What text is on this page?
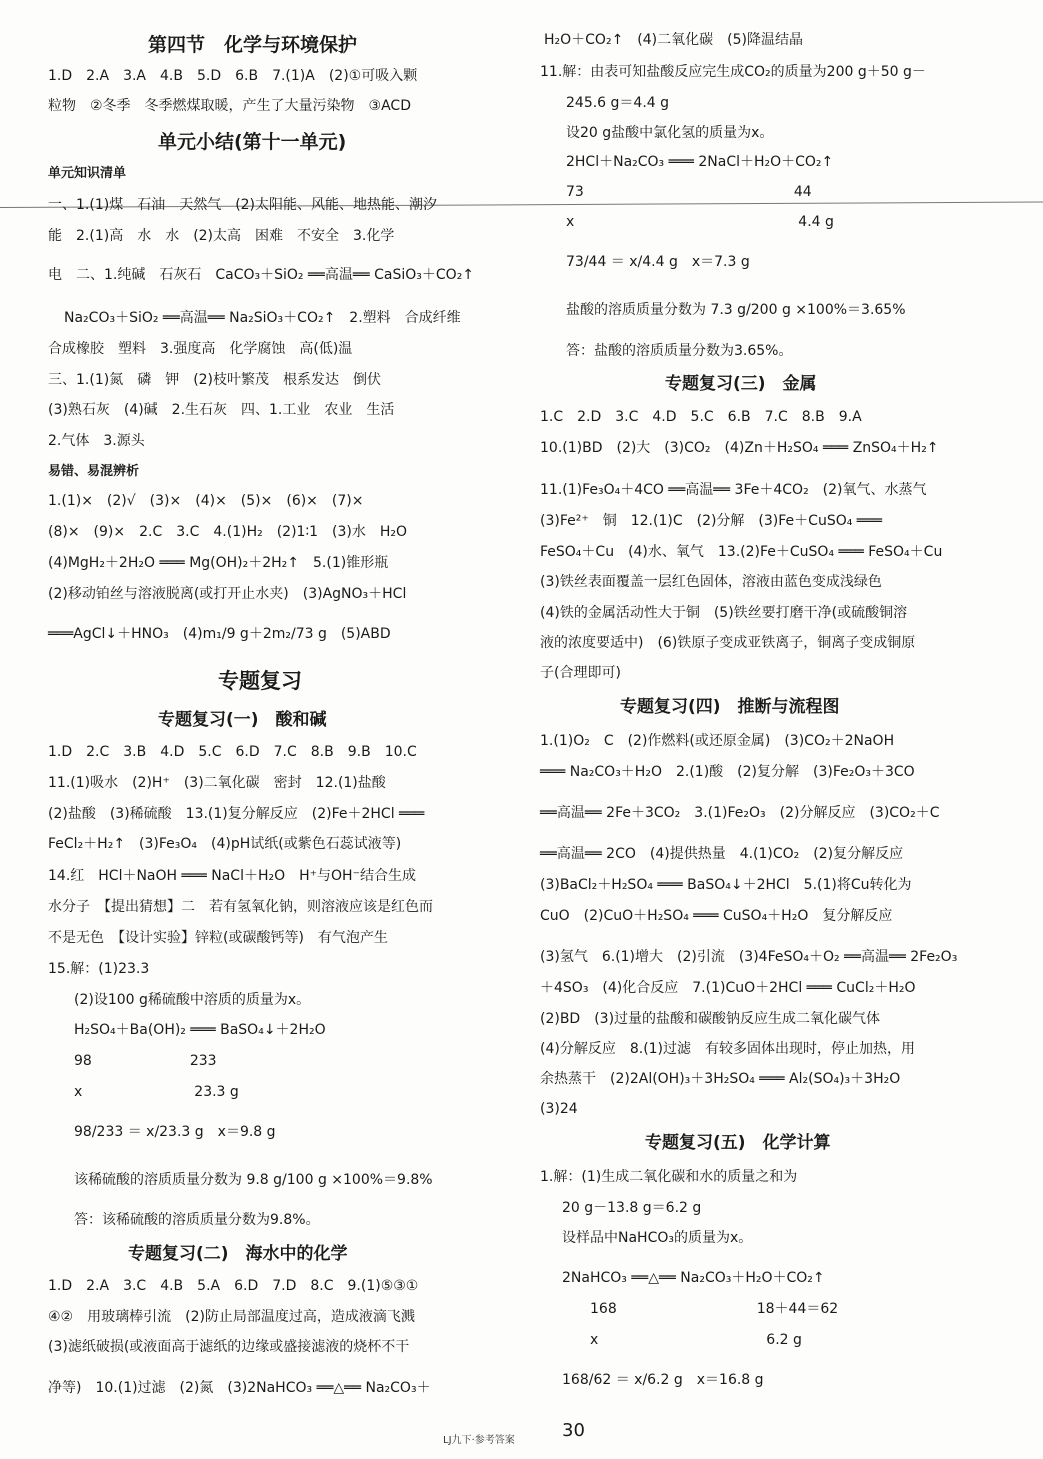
第四节　化学与环境保护
1.D　2.A　3.A　4.B　5.D　6.B　7.(1)A　(2)①可吸入颗
粒物　②冬季　冬季燃煤取暖，产生了大量污染物　③ACD
单元小结(第十一单元)
单元知识清单
一、1.(1)煤　石油　天然气　(2)太阳能、风能、地热能、潮汐
能　2.(1)高　水　水　(2)太高　困难　不安全　3.化学
电　二、1.纯碱　石灰石　CaCO₃＋SiO₂ ══高温══ CaSiO₃＋CO₂↑
Na₂CO₃＋SiO₂ ══高温══ Na₂SiO₃＋CO₂↑　2.塑料　合成纤维
合成橡胶　塑料　3.强度高　化学腐蚀　高(低)温
三、1.(1)氮　磷　钾　(2)枝叶繁茂　根系发达　倒伏
(3)熟石灰　(4)碱　2.生石灰　四、1.工业　农业　生活
2.气体　3.源头
易错、易混辨析
1.(1)×　(2)√　(3)×　(4)×　(5)×　(6)×　(7)×
(8)×　(9)×　2.C　3.C　4.(1)H₂　(2)1∶1　(3)水　H₂O
(4)MgH₂＋2H₂O ═══ Mg(OH)₂＋2H₂↑　5.(1)锥形瓶
(2)移动铂丝与溶液脱离(或打开止水夹)　(3)AgNO₃＋HCl
═══AgCl↓＋HNO₃　(4)m₁/9 g＋2m₂/73 g　(5)ABD
专题复习
专题复习(一)　酸和碱
1.D　2.C　3.B　4.D　5.C　6.D　7.C　8.B　9.B　10.C
11.(1)吸水　(2)H⁺　(3)二氧化碳　密封　12.(1)盐酸
(2)盐酸　(3)稀硫酸　13.(1)复分解反应　(2)Fe＋2HCl ═══
FeCl₂＋H₂↑　(3)Fe₃O₄　(4)pH试纸(或紫色石蕊试液等)
14.红　HCl＋NaOH ═══ NaCl＋H₂O　H⁺与OH⁻结合生成
水分子　【提出猜想】二　若有氢氧化钠，则溶液应该是红色而
不是无色　【设计实验】锌粒(或碳酸钙等)　有气泡产生
15.解：(1)23.3
(2)设100 g稀硫酸中溶质的质量为x。
H₂SO₄＋Ba(OH)₂ ═══ BaSO₄↓＋2H₂O
98　　　　　　　233
x　　　　　　　　23.3 g
98/233 ＝ x/23.3 g　x＝9.8 g
该稀硫酸的溶质质量分数为 9.8 g/100 g ×100%＝9.8%
答：该稀硫酸的溶质质量分数为9.8%。
专题复习(二)　海水中的化学
1.D　2.A　3.C　4.B　5.A　6.D　7.D　8.C　9.(1)⑤③①
④②　用玻璃棒引流　(2)防止局部温度过高，造成液滴飞溅
(3)滤纸破损(或液面高于滤纸的边缘或盛接滤液的烧杯不干
净等)　10.(1)过滤　(2)氮　(3)2NaHCO₃ ══△══ Na₂CO₃＋
H₂O＋CO₂↑　(4)二氧化碳　(5)降温结晶
11.解：由表可知盐酸反应完生成CO₂的质量为200 g＋50 g－
245.6 g＝4.4 g
设20 g盐酸中氯化氢的质量为x。
2HCl＋Na₂CO₃ ═══ 2NaCl＋H₂O＋CO₂↑
73　　　　　　　　　　　　　　　44
x　　　　　　　　　　　　　　　　4.4 g
73/44 ＝ x/4.4 g　x＝7.3 g
盐酸的溶质质量分数为 7.3 g/200 g ×100%＝3.65%
答：盐酸的溶质质量分数为3.65%。
专题复习(三)　金属
1.C　2.D　3.C　4.D　5.C　6.B　7.C　8.B　9.A
10.(1)BD　(2)大　(3)CO₂　(4)Zn＋H₂SO₄ ═══ ZnSO₄＋H₂↑
11.(1)Fe₃O₄＋4CO ══高温══ 3Fe＋4CO₂　(2)氧气、水蒸气
(3)Fe²⁺　铜　12.(1)C　(2)分解　(3)Fe＋CuSO₄ ═══
FeSO₄＋Cu　(4)水、氧气　13.(2)Fe＋CuSO₄ ═══ FeSO₄＋Cu
(3)铁丝表面覆盖一层红色固体，溶液由蓝色变成浅绿色
(4)铁的金属活动性大于铜　(5)铁丝要打磨干净(或硫酸铜溶
液的浓度要适中)　(6)铁原子变成亚铁离子，铜离子变成铜原
子(合理即可)
专题复习(四)　推断与流程图
1.(1)O₂　C　(2)作燃料(或还原金属)　(3)CO₂＋2NaOH
═══ Na₂CO₃＋H₂O　2.(1)酸　(2)复分解　(3)Fe₂O₃＋3CO
══高温══ 2Fe＋3CO₂　3.(1)Fe₂O₃　(2)分解反应　(3)CO₂＋C
══高温══ 2CO　(4)提供热量　4.(1)CO₂　(2)复分解反应
(3)BaCl₂＋H₂SO₄ ═══ BaSO₄↓＋2HCl　5.(1)将Cu转化为
CuO　(2)CuO＋H₂SO₄ ═══ CuSO₄＋H₂O　复分解反应
(3)氢气　6.(1)增大　(2)引流　(3)4FeSO₄＋O₂ ══高温══ 2Fe₂O₃
＋4SO₃　(4)化合反应　7.(1)CuO＋2HCl ═══ CuCl₂＋H₂O
(2)BD　(3)过量的盐酸和碳酸钠反应生成二氧化碳气体
(4)分解反应　8.(1)过滤　有较多固体出现时，停止加热，用
余热蒸干　(2)2Al(OH)₃＋3H₂SO₄ ═══ Al₂(SO₄)₃＋3H₂O
(3)24
专题复习(五)　化学计算
1.解：(1)生成二氧化碳和水的质量之和为
20 g－13.8 g＝6.2 g
设样品中NaHCO₃的质量为x。
2NaHCO₃ ══△══ Na₂CO₃＋H₂O＋CO₂↑
168　　　　　　　　　　18＋44＝62
x　　　　　　　　　　　　6.2 g
168/62 ＝ x/6.2 g　x＝16.8 g
LJ九下·参考答案	30
